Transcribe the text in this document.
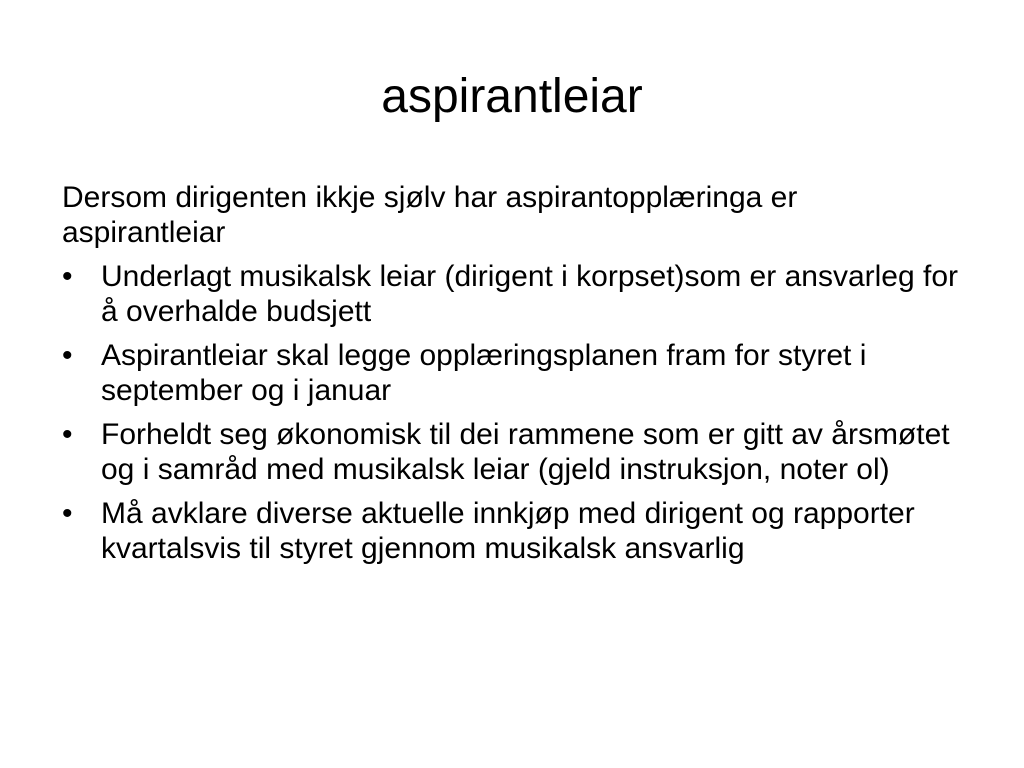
aspirantleiar

Dersom dirigenten ikkje sjølv har aspirantopplæringa er aspirantleiar

• Underlagt musikalsk leiar (dirigent i korpset)som er ansvarleg for å overhalde budsjett
• Aspirantleiar skal legge opplæringsplanen fram for styret i september og i januar
• Forheldt seg økonomisk til dei rammene som er gitt av årsmøtet og i samråd med musikalsk leiar (gjeld instruksjon, noter ol)
• Må avklare diverse aktuelle innkjøp med dirigent og rapporter kvartalsvis til styret gjennom musikalsk ansvarlig
